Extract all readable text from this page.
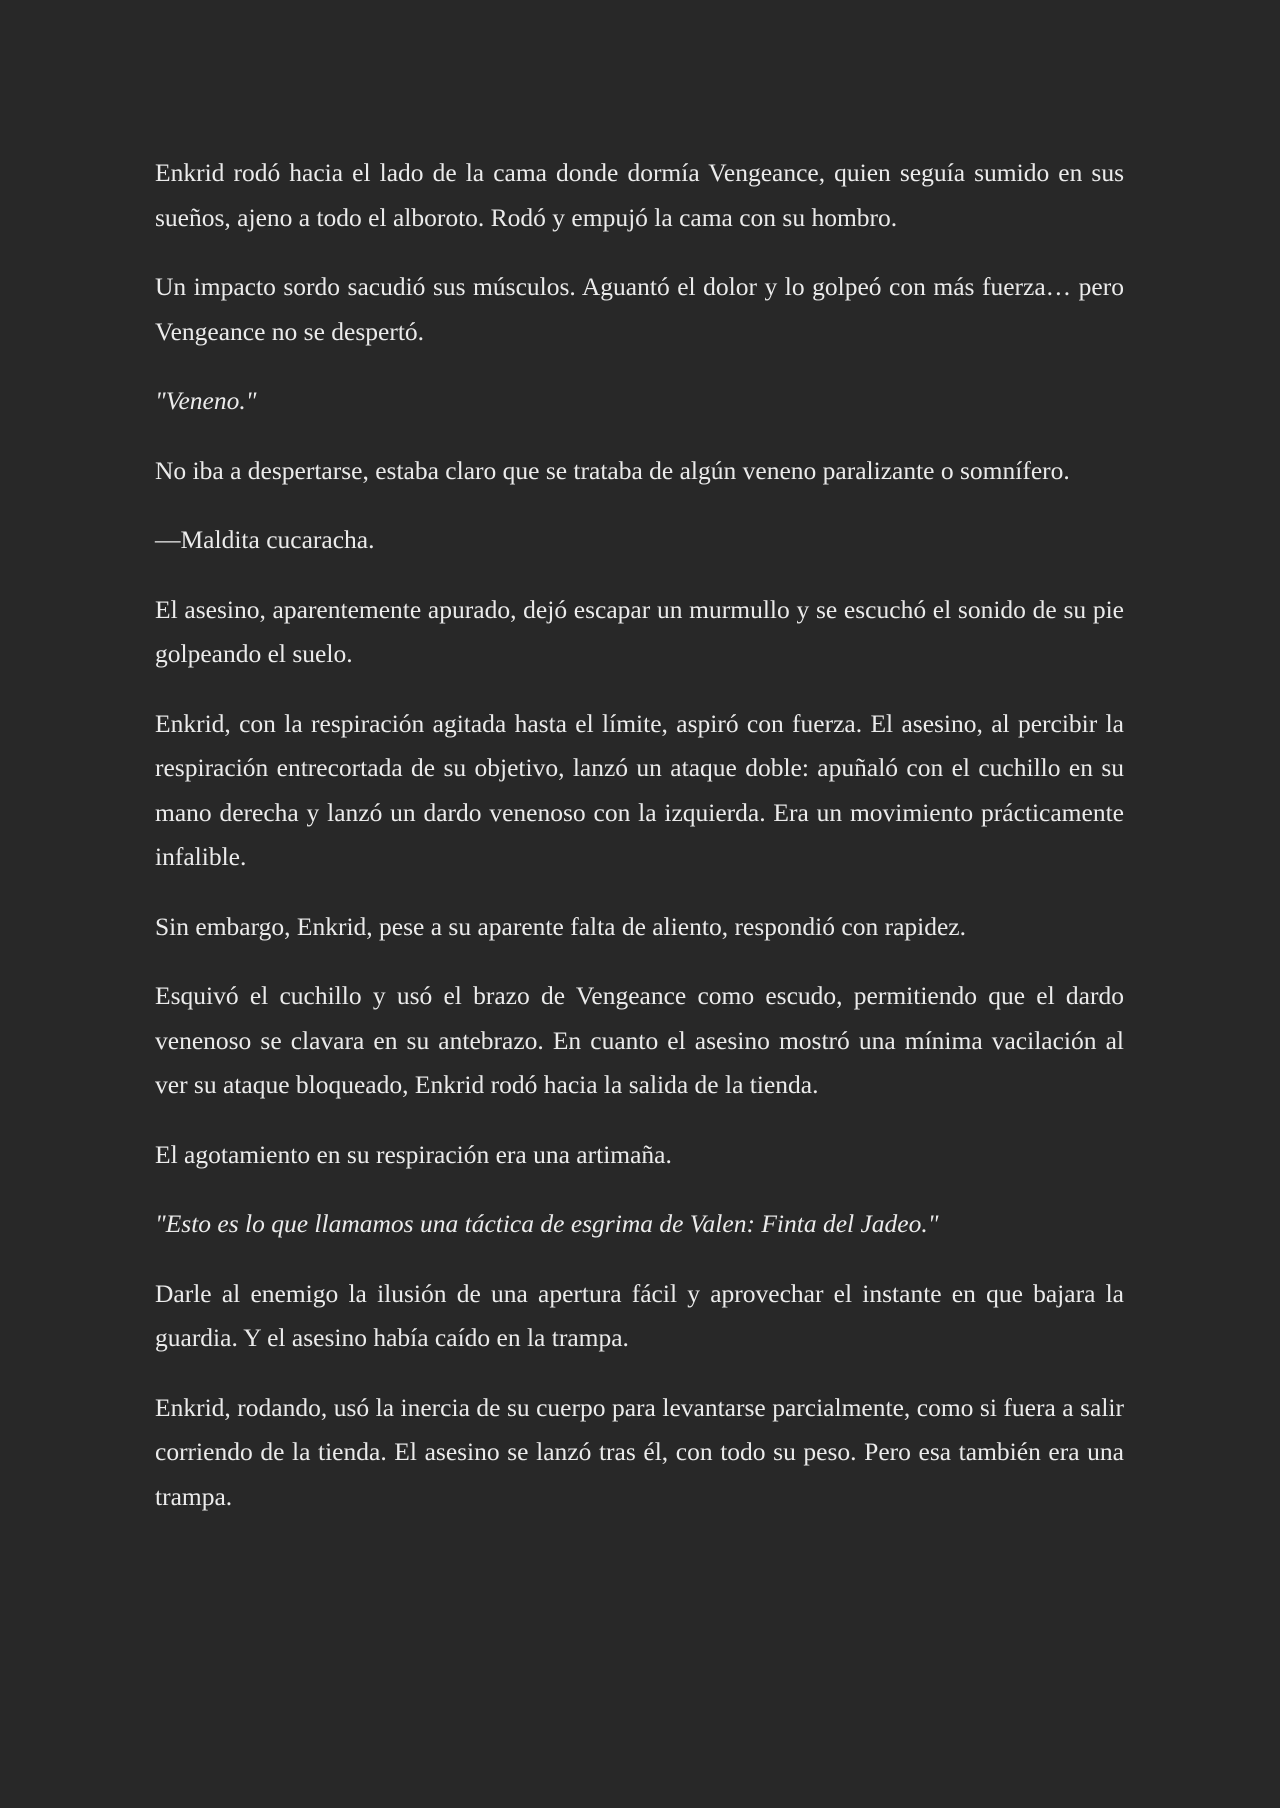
Enkrid rodó hacia el lado de la cama donde dormía Vengeance, quien seguía sumido en sus sueños, ajeno a todo el alboroto. Rodó y empujó la cama con su hombro.

Un impacto sordo sacudió sus músculos. Aguantó el dolor y lo golpeó con más fuerza… pero Vengeance no se despertó.

"Veneno."

No iba a despertarse, estaba claro que se trataba de algún veneno paralizante o somnífero.

—Maldita cucaracha.

El asesino, aparentemente apurado, dejó escapar un murmullo y se escuchó el sonido de su pie golpeando el suelo.

Enkrid, con la respiración agitada hasta el límite, aspiró con fuerza. El asesino, al percibir la respiración entrecortada de su objetivo, lanzó un ataque doble: apuñaló con el cuchillo en su mano derecha y lanzó un dardo venenoso con la izquierda. Era un movimiento prácticamente infalible.

Sin embargo, Enkrid, pese a su aparente falta de aliento, respondió con rapidez.

Esquivó el cuchillo y usó el brazo de Vengeance como escudo, permitiendo que el dardo venenoso se clavara en su antebrazo. En cuanto el asesino mostró una mínima vacilación al ver su ataque bloqueado, Enkrid rodó hacia la salida de la tienda.

El agotamiento en su respiración era una artimaña.

"Esto es lo que llamamos una táctica de esgrima de Valen: Finta del Jadeo."

Darle al enemigo la ilusión de una apertura fácil y aprovechar el instante en que bajara la guardia. Y el asesino había caído en la trampa.

Enkrid, rodando, usó la inercia de su cuerpo para levantarse parcialmente, como si fuera a salir corriendo de la tienda. El asesino se lanzó tras él, con todo su peso. Pero esa también era una trampa.
